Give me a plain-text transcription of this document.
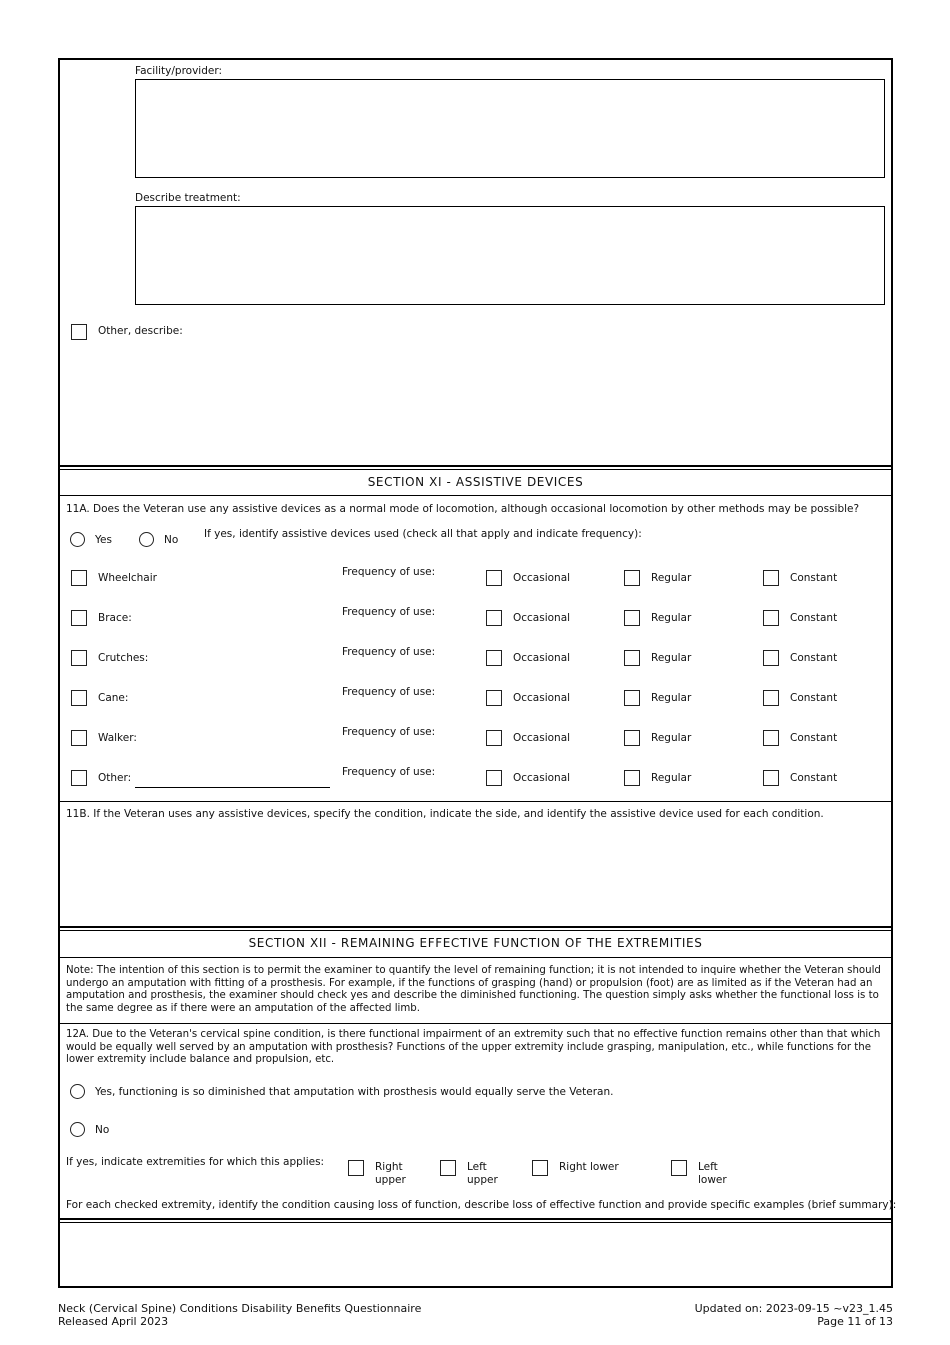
Facility/provider:
Describe treatment:
Other, describe:
SECTION XI - ASSISTIVE DEVICES
11A. Does the Veteran use any assistive devices as a normal mode of locomotion, although occasional locomotion by other methods may be possible?
Yes	No If yes, identify assistive devices used (check all that apply and indicate frequency):
Wheelchair	Frequency of use:	Occasional	Regular	Constant
Brace:	Frequency of use:	Occasional	Regular	Constant
Crutches:	Frequency of use:	Occasional	Regular	Constant
Cane:	Frequency of use:	Occasional	Regular	Constant
Walker:	Frequency of use:	Occasional	Regular	Constant
Other:	Frequency of use:	Occasional	Regular	Constant
11B. If the Veteran uses any assistive devices, specify the condition, indicate the side, and identify the assistive device used for each condition.
SECTION XII - REMAINING EFFECTIVE FUNCTION OF THE EXTREMITIES
Note: The intention of this section is to permit the examiner to quantify the level of remaining function; it is not intended to inquire whether the Veteran should undergo an amputation with fitting of a prosthesis. For example, if the functions of grasping (hand) or propulsion (foot) are as limited as if the Veteran had an amputation and prosthesis, the examiner should check yes and describe the diminished functioning. The question simply asks whether the functional loss is to the same degree as if there were an amputation of the affected limb.
12A. Due to the Veteran's cervical spine condition, is there functional impairment of an extremity such that no effective function remains other than that which would be equally well served by an amputation with prosthesis? Functions of the upper extremity include grasping, manipulation, etc., while functions for the lower extremity include balance and propulsion, etc.
Yes, functioning is so diminished that amputation with prosthesis would equally serve the Veteran.
No
If yes, indicate extremities for which this applies:	Right
upper
Left
upper
Right lower	Left
lower
For each checked extremity, identify the condition causing loss of function, describe loss of effective function and provide specific examples (brief summary):
Neck (Cervical Spine) Conditions Disability Benefits Questionnaire
Released April 2023
Updated on: 2023-09-15 ~v23_1.45
Page 11 of 13
